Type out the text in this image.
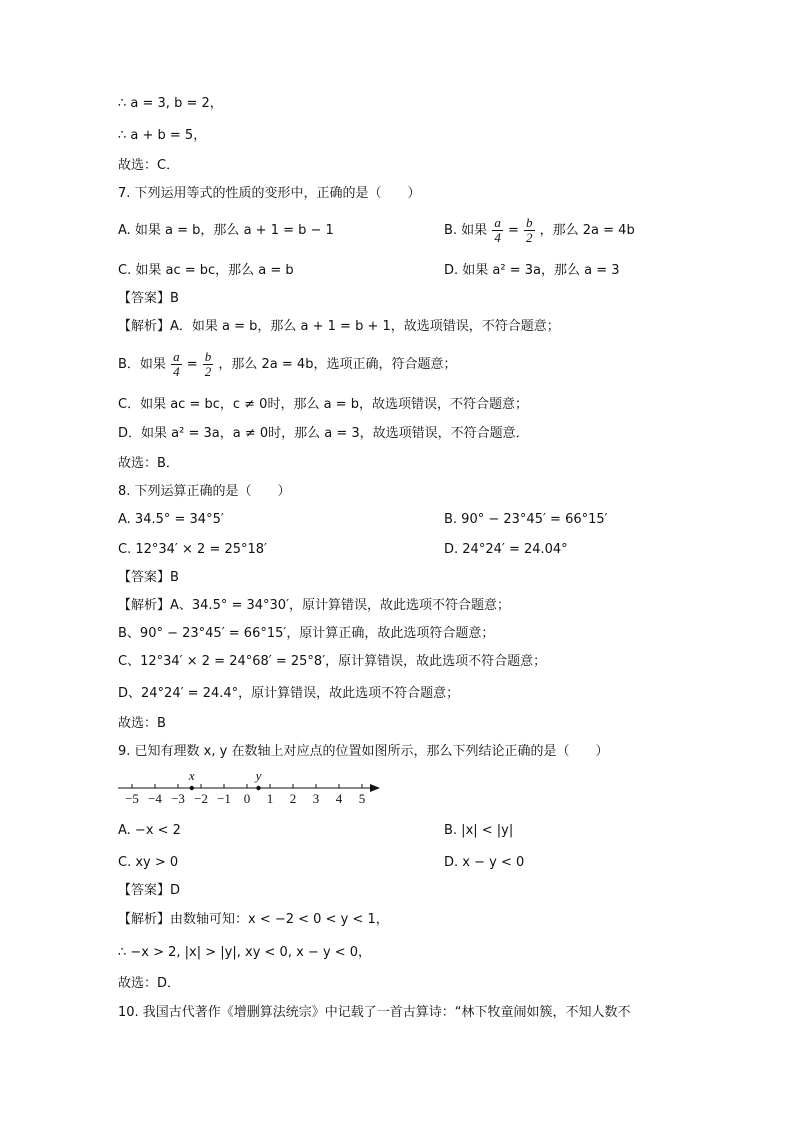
∴ a = 3, b = 2，
∴ a + b = 5，
故选：C．
7. 下列运用等式的性质的变形中，正确的是（　　）
A. 如果 a = b，那么 a + 1 = b − 1	B. 如果 $\frac{a}{4} = \frac{b}{2}$ ，那么 2a = 4b
C. 如果 ac = bc，那么 a = b	D. 如果 a² = 3a，那么 a = 3
【答案】B
【解析】A．如果 a = b，那么 a + 1 = b + 1，故选项错误，不符合题意；
B．如果 $\frac{a}{4} = \frac{b}{2}$ ，那么 2a = 4b，选项正确，符合题意；
C．如果 ac = bc，c ≠ 0时，那么 a = b，故选项错误，不符合题意；
D．如果 a² = 3a，a ≠ 0时，那么 a = 3，故选项错误，不符合题意．
故选：B．
8. 下列运算正确的是（　　）
A. 34.5° = 34°5′	B. 90° − 23°45′ = 66°15′
C. 12°34′ × 2 = 25°18′	D. 24°24′ = 24.04°
【答案】B
【解析】A、34.5° = 34°30′，原计算错误，故此选项不符合题意；
B、90° − 23°45′ = 66°15′，原计算正确，故此选项符合题意；
C、12°34′ × 2 = 24°68′ = 25°8′，原计算错误，故此选项不符合题意；
D、24°24′ = 24.4°，原计算错误，故此选项不符合题意；
故选：B
9. 已知有理数 x, y 在数轴上对应点的位置如图所示，那么下列结论正确的是（　　）
−5 −4 −3 −2 −1 0 1 2 3 4 5
x	y
A. −x < 2	B. |x| < |y|
C. xy > 0	D. x − y < 0
【答案】D
【解析】由数轴可知：x < −2 < 0 < y < 1，
∴ −x > 2, |x| > |y|, xy < 0, x − y < 0，
故选：D．
10. 我国古代著作《增删算法统宗》中记载了一首古算诗：“林下牧童闹如簇，不知人数不
